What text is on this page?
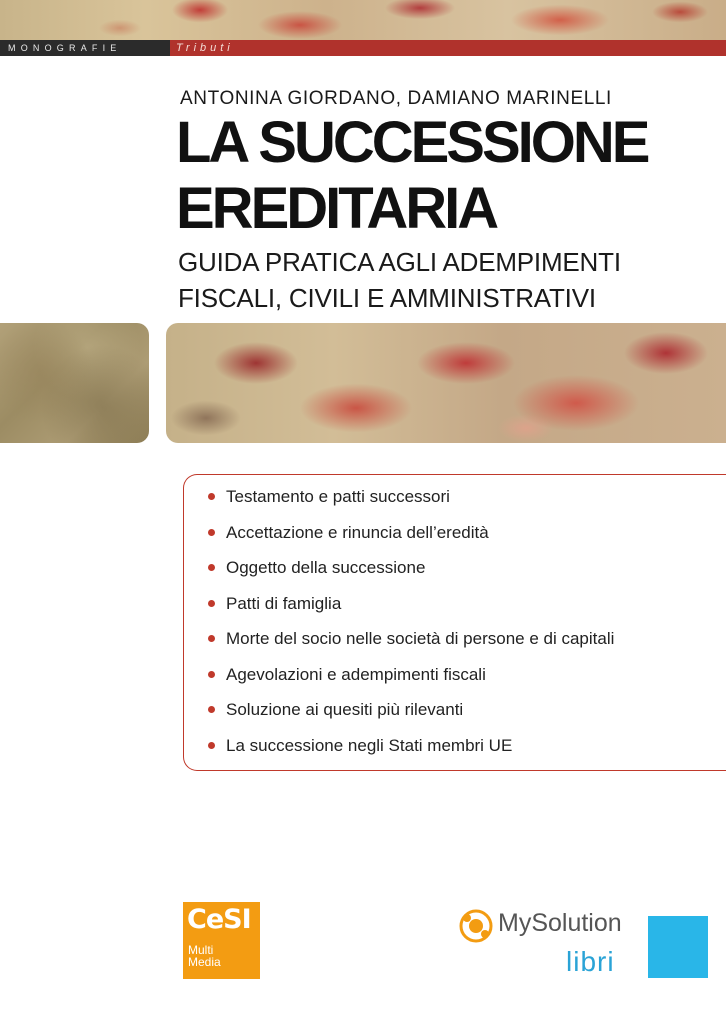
MONOGRAFIE	Tributi
ANTONINA GIORDANO, DAMIANO MARINELLI
LA SUCCESSIONE
EREDITARIA
GUIDA PRATICA AGLI ADEMPIMENTI
FISCALI, CIVILI E AMMINISTRATIVI
Testamento e patti successori
Accettazione e rinuncia dell’eredità
Oggetto della successione
Patti di famiglia
Morte del socio nelle società di persone e di capitali
Agevolazioni e adempimenti fiscali
Soluzione ai quesiti più rilevanti
La successione negli Stati membri UE
CeSI
Multi
Media
MySolution
libri
